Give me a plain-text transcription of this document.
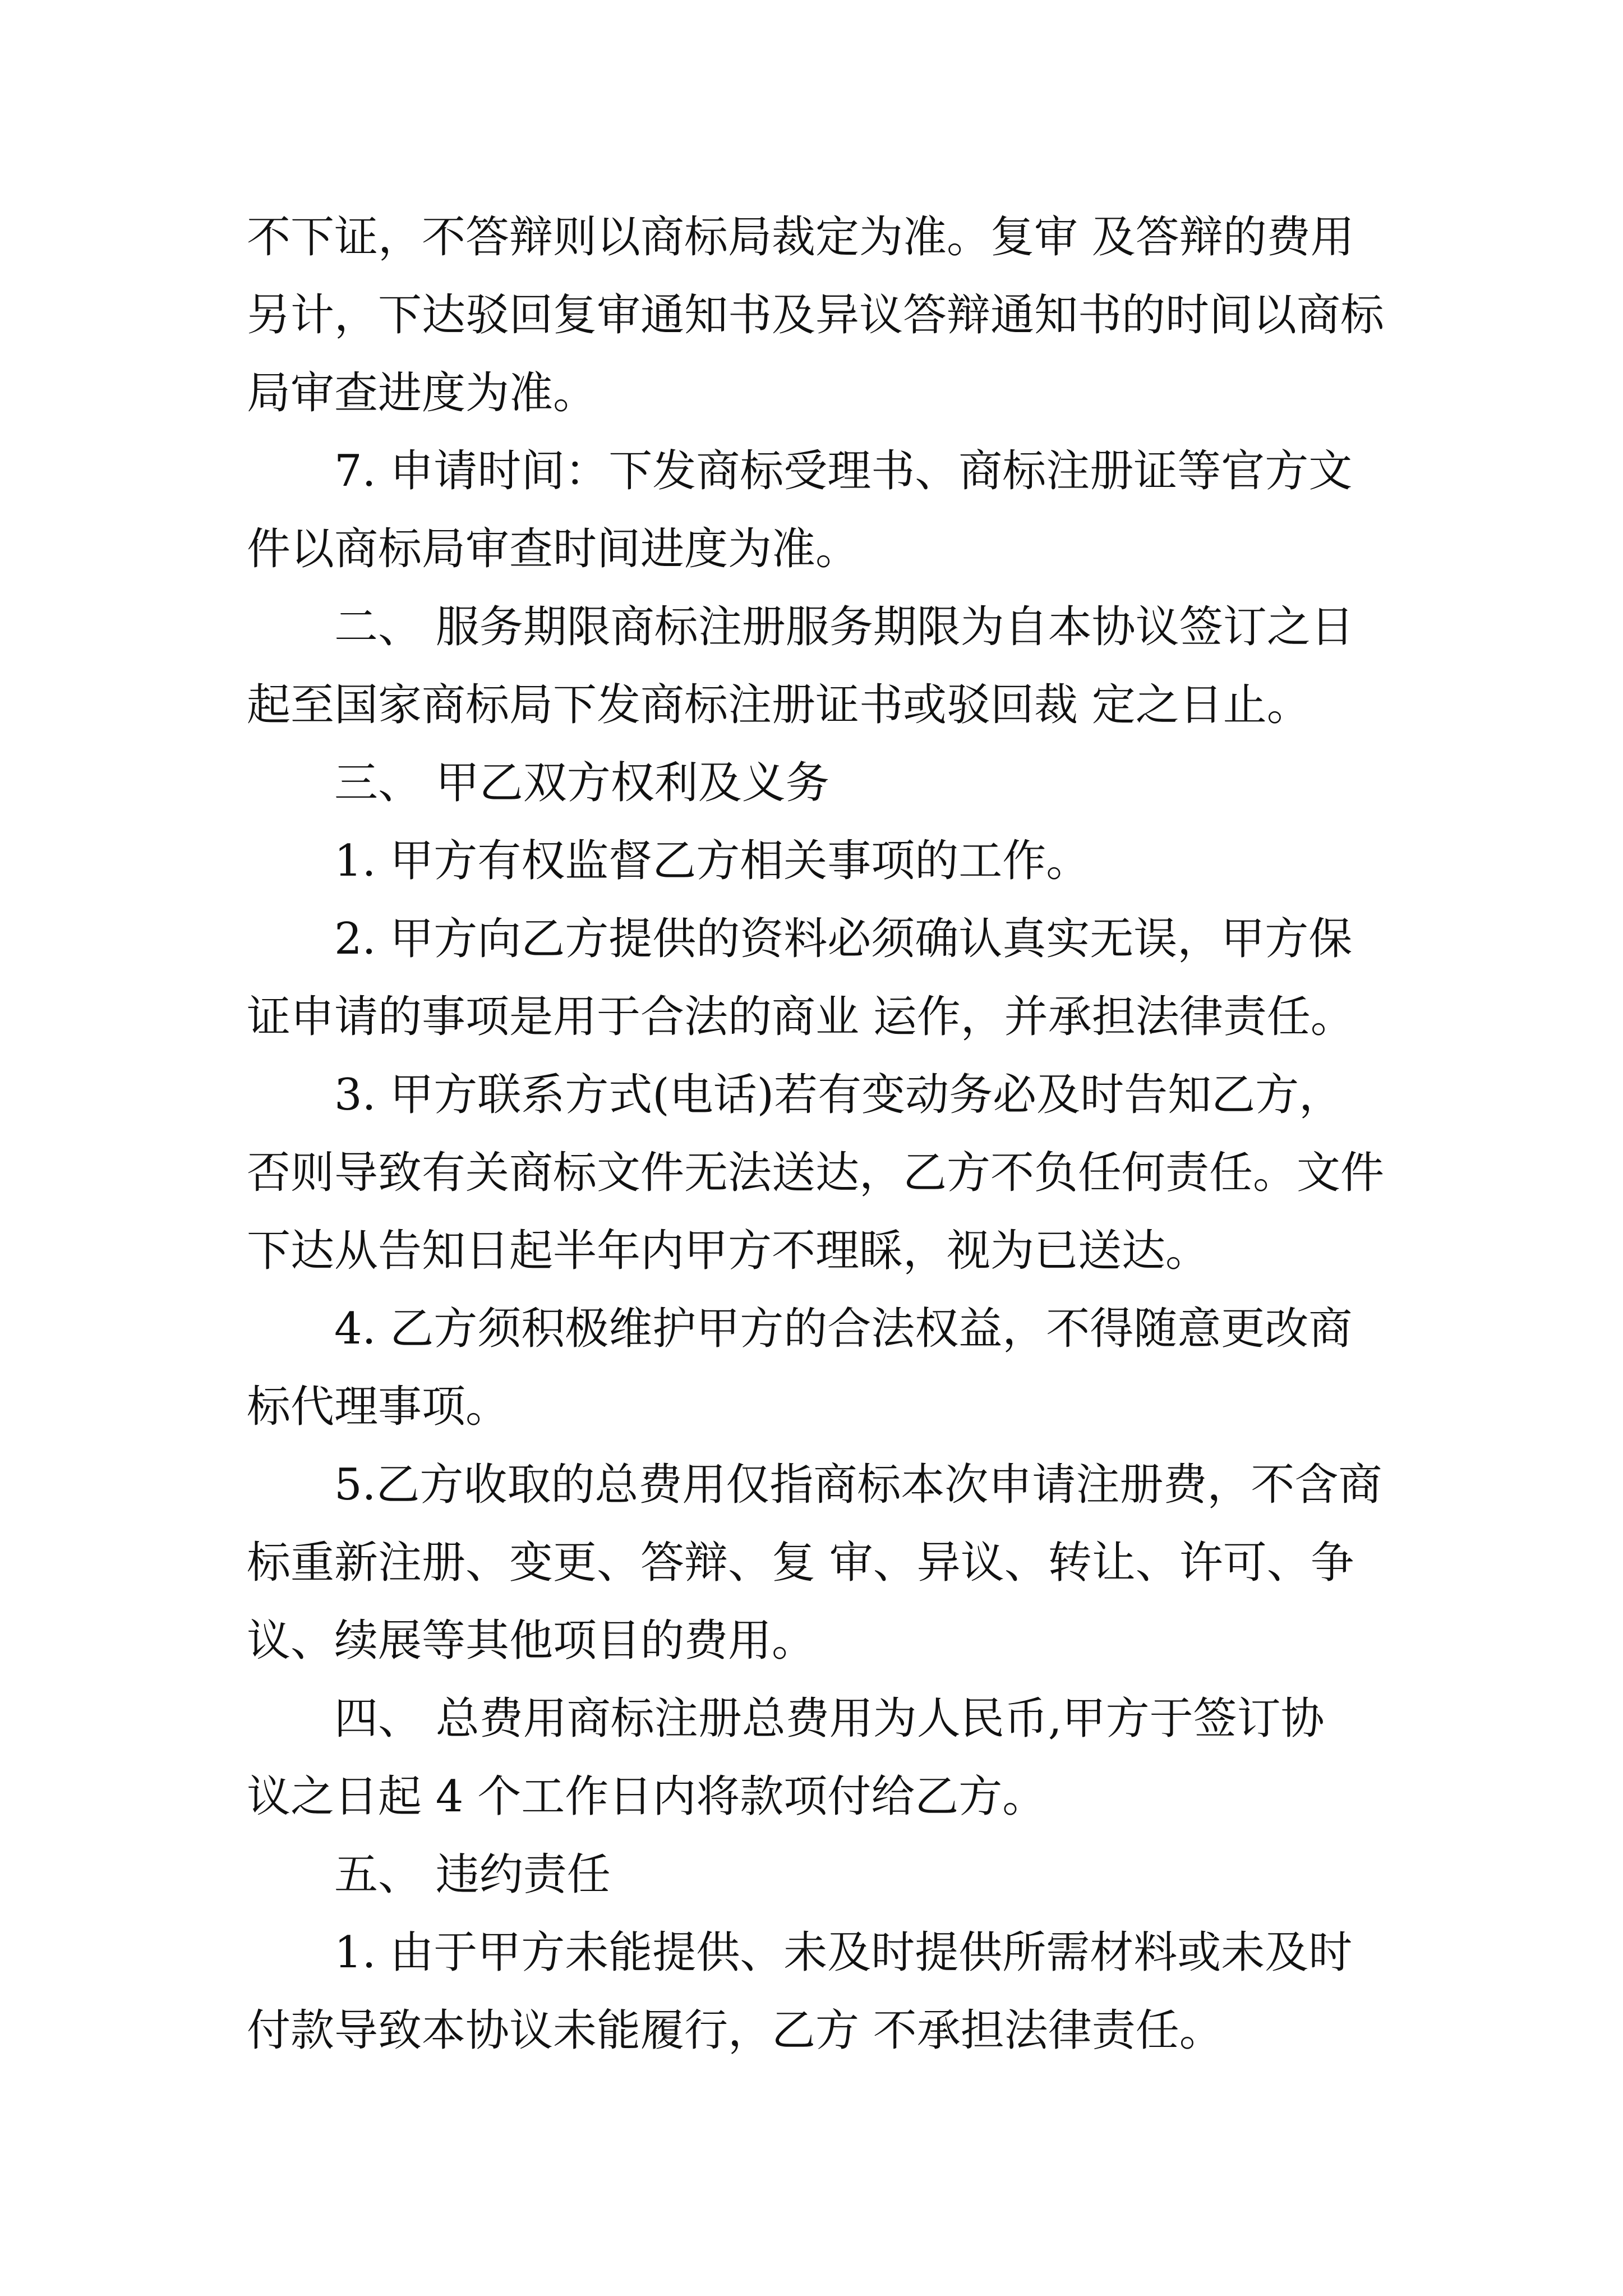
不下证，不答辩则以商标局裁定为准。复审 及答辩的费用
另计，下达驳回复审通知书及异议答辩通知书的时间以商标
局审查进度为准。
7. 申请时间：下发商标受理书、商标注册证等官方文
件以商标局审查时间进度为准。
二、 服务期限商标注册服务期限为自本协议签订之日
起至国家商标局下发商标注册证书或驳回裁 定之日止。
三、 甲乙双方权利及义务
1. 甲方有权监督乙方相关事项的工作。
2. 甲方向乙方提供的资料必须确认真实无误，甲方保
证申请的事项是用于合法的商业 运作，并承担法律责任。
3. 甲方联系方式(电话)若有变动务必及时告知乙方，
否则导致有关商标文件无法送达，乙方不负任何责任。文件
下达从告知日起半年内甲方不理睬，视为已送达。
4. 乙方须积极维护甲方的合法权益，不得随意更改商
标代理事项。
5.乙方收取的总费用仅指商标本次申请注册费，不含商
标重新注册、变更、答辩、复 审、异议、转让、许可、争
议、续展等其他项目的费用。
四、 总费用商标注册总费用为人民币,甲方于签订协
议之日起 4 个工作日内将款项付给乙方。
五、 违约责任
1. 由于甲方未能提供、未及时提供所需材料或未及时
付款导致本协议未能履行，乙方 不承担法律责任。
